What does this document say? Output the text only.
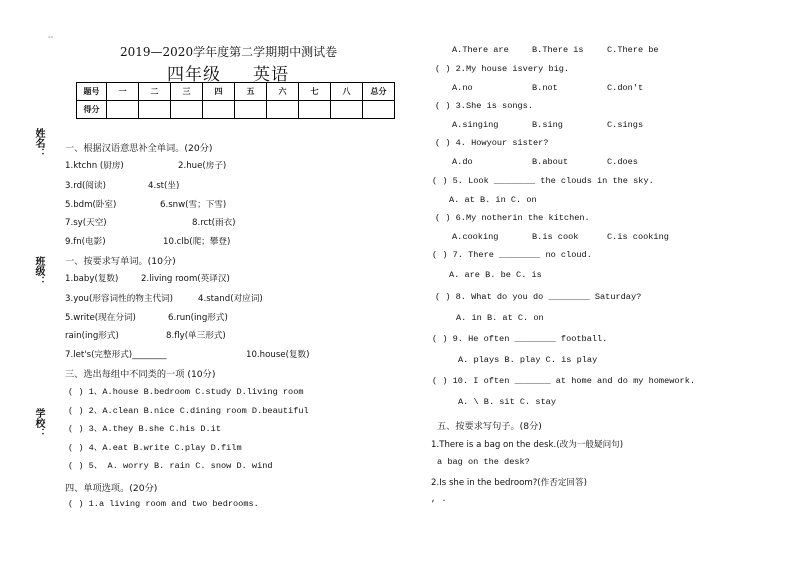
“”
2019—2020学年度第二学期期中测试卷
四年级 英语
题号	一	二	三	四	五	六	七	八	总分
得分									
姓名：
班级：
学校：
一、根据汉语意思补全单词。(20分)
1.ktchn (厨房)	2.hue(房子)
3.rd(阅读)	4.st(坐)
5.bdm(卧室)	6.snw(雪；下雪)
7.sy(天空)	8.rct(雨衣)
9.fn(电影)	10.clb(爬；攀登)
一、按要求写单词。(10分)
1.baby(复数)	2.living room(英译汉)
3.you(形容词性的物主代词)	4.stand(对应词)
5.write(现在分词)	6.run(ing形式)
rain(ing形式)	8.fly(单三形式)
7.let's(完整形式)________	10.house(复数)
三、选出每组中不同类的一项 (10分)
( ) 1、A.house B.bedroom C.study D.living room
( ) 2、A.clean B.nice C.dining room D.beautiful
( ) 3、A.they B.she C.his D.it
( ) 4、A.eat B.write C.play D.film
( ) 5、 A. worry B. rain C. snow D. wind
四、单项选项。(20分)
( ) 1.a living room and two bedrooms.
A.There are	B.There is	C.There be
( ) 2.My house isvery big.
A.no	B.not	C.don't
( ) 3.She is songs.
A.singing	B.sing	C.sings
( ) 4. Howyour sister?
A.do	B.about	C.does
( ) 5. Look ________ the clouds in the sky.
A. at B. in C. on
( ) 6.My notherin the kitchen.
A.cooking	B.is cook	C.is cooking
( ) 7. There ________ no cloud.
A. are B. be C. is
( ) 8. What do you do ________ Saturday?
A. in B. at C. on
( ) 9. He often ________ football.
A. plays B. play C. is play
( ) 10. I often _______ at home and do my homework.
A. \ B. sit C. stay
五、按要求写句子。(8分)
1.There is a bag on the desk.(改为一般疑问句)
a bag on the desk?
2.Is she in the bedroom?(作否定回答)
, .
